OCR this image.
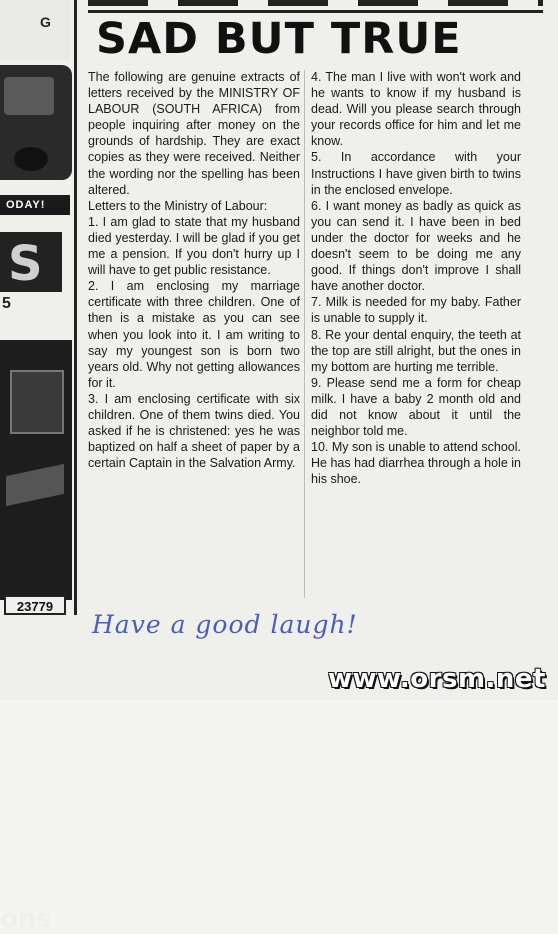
G
ODAY!
S
5
ons
23779
SAD BUT TRUE

The following are genuine extracts of letters received by the MINISTRY OF LABOUR (SOUTH AFRICA) from people inquiring after money on the grounds of hardship. They are exact copies as they were received. Neither the wording nor the spelling has been altered.

Letters to the Ministry of Labour:

1. I am glad to state that my husband died yesterday. I will be glad if you get me a pension. If you don't hurry up I will have to get public resistance.

2. I am enclosing my marriage certificate with three children. One of then is a mistake as you can see when you look into it. I am writing to say my youngest son is born two years old. Why not getting allowances for it.

3. I am enclosing certificate with six children. One of them twins died. You asked if he is christened: yes he was baptized on half a sheet of paper by a certain Captain in the Salvation Army.

4. The man I live with won't work and he wants to know if my husband is dead. Will you please search through your records office for him and let me know.

5. In accordance with your Instructions I have given birth to twins in the enclosed envelope.

6. I want money as badly as quick as you can send it. I have been in bed under the doctor for weeks and he doesn't seem to be doing me any good. If things don't improve I shall have another doctor.

7. Milk is needed for my baby. Father is unable to supply it.

8. Re your dental enquiry, the teeth at the top are still alright, but the ones in my bottom are hurting me terrible.

9. Please send me a form for cheap milk. I have a baby 2 month old and did not know about it until the neighbor told me.

10. My son is unable to attend school. He has had diarrhea through a hole in his shoe.

Have a good laugh!
www.orsm.net
